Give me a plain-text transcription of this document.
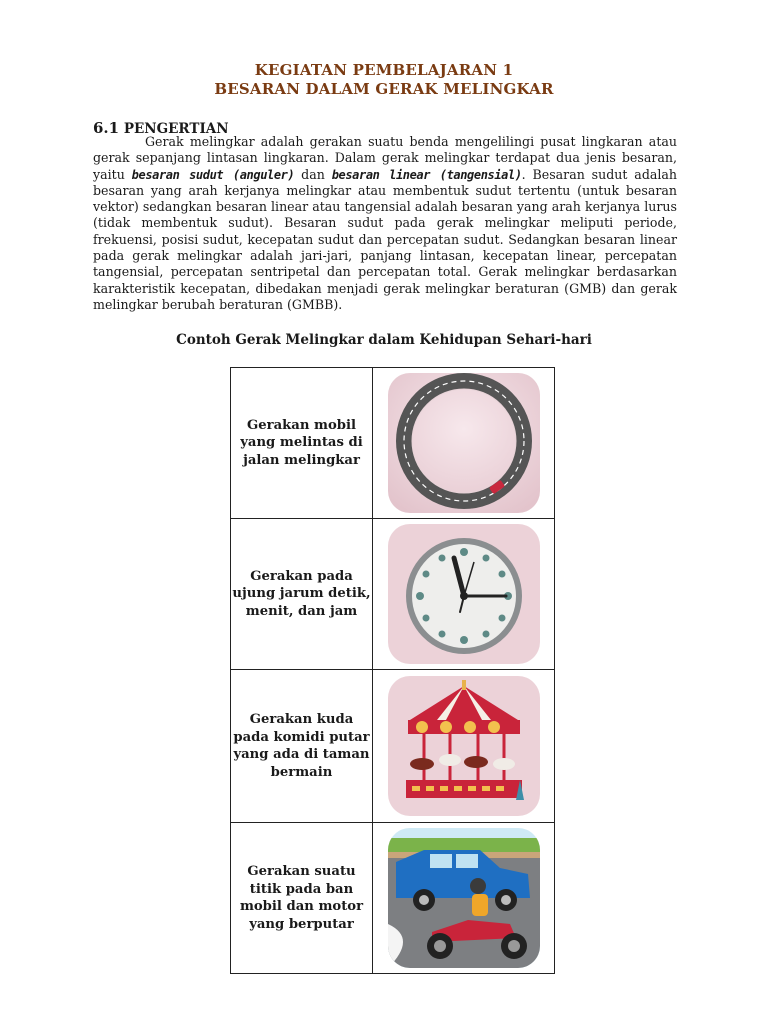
KEGIATAN PEMBELAJARAN 1
BESARAN DALAM GERAK MELINGKAR
6.1 PENGERTIAN

Gerak melingkar adalah gerakan suatu benda mengelilingi pusat lingkaran atau gerak sepanjang lintasan lingkaran. Dalam gerak melingkar terdapat dua jenis besaran, yaitu besaran sudut (anguler) dan besaran linear (tangensial). Besaran sudut adalah besaran yang arah kerjanya melingkar atau membentuk sudut tertentu (untuk besaran vektor) sedangkan besaran linear atau tangensial adalah besaran yang arah kerjanya lurus (tidak membentuk sudut). Besaran sudut pada gerak melingkar meliputi periode, frekuensi, posisi sudut, kecepatan sudut dan percepatan sudut. Sedangkan besaran linear pada gerak melingkar adalah jari-jari, panjang lintasan, kecepatan linear, percepatan tangensial, percepatan sentripetal dan percepatan total. Gerak melingkar berdasarkan karakteristik kecepatan, dibedakan menjadi gerak melingkar beraturan (GMB) dan gerak melingkar berubah beraturan (GMBB).

Contoh Gerak Melingkar dalam Kehidupan Sehari-hari
Gerakan mobil yang melintas di jalan melingkar	

Gerakan pada ujung jarum detik, menit, dan jam	

Gerakan kuda pada komidi putar yang ada di taman bermain	

Gerakan suatu titik pada ban mobil dan motor yang berputar	
